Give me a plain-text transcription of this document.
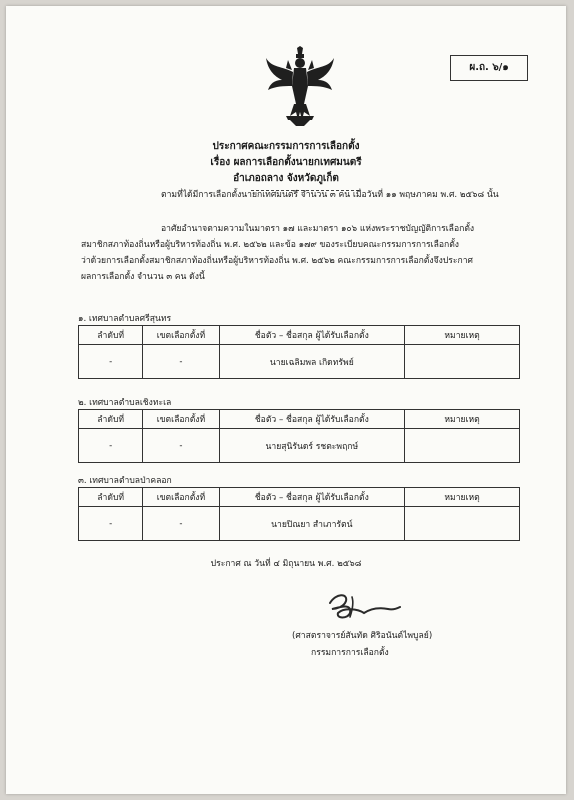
ผ.ถ. ๖/๑
ประกาศคณะกรรมการการเลือกตั้ง
เรื่อง ผลการเลือกตั้งนายกเทศมนตรี
อำเภอถลาง จังหวัดภูเก็ต
ตามที่ได้มีการเลือกตั้งนายกเทศมนตรี จำนวน ๓ คน เมื่อวันที่ ๑๑ พฤษภาคม พ.ศ. ๒๕๖๘ นั้น
อาศัยอำนาจตามความในมาตรา ๑๗ และมาตรา ๑๐๖ แห่งพระราชบัญญัติการเลือกตั้ง
สมาชิกสภาท้องถิ่นหรือผู้บริหารท้องถิ่น พ.ศ. ๒๕๖๒ และข้อ ๑๗๙ ของระเบียบคณะกรรมการการเลือกตั้ง
ว่าด้วยการเลือกตั้งสมาชิกสภาท้องถิ่นหรือผู้บริหารท้องถิ่น พ.ศ. ๒๕๖๒ คณะกรรมการการเลือกตั้งจึงประกาศ
ผลการเลือกตั้ง จำนวน ๓ คน ดังนี้
๑. เทศบาลตำบลศรีสุนทร
ลำดับที่	เขตเลือกตั้งที่	ชื่อตัว – ชื่อสกุล ผู้ได้รับเลือกตั้ง	หมายเหตุ
-	-	นายเฉลิมพล เกิดทรัพย์	
๒. เทศบาลตำบลเชิงทะเล
ลำดับที่	เขตเลือกตั้งที่	ชื่อตัว – ชื่อสกุล ผู้ได้รับเลือกตั้ง	หมายเหตุ
-	-	นายสุนิรันดร์ รชตะพฤกษ์	
๓. เทศบาลตำบลป่าคลอก
ลำดับที่	เขตเลือกตั้งที่	ชื่อตัว – ชื่อสกุล ผู้ได้รับเลือกตั้ง	หมายเหตุ
-	-	นายปิณยา สำเภารัตน์	
ประกาศ ณ วันที่ ๔ มิถุนายน พ.ศ. ๒๕๖๘
(ศาสตราจารย์สันทัด ศิริอนันต์ไพบูลย์)
กรรมการการเลือกตั้ง
